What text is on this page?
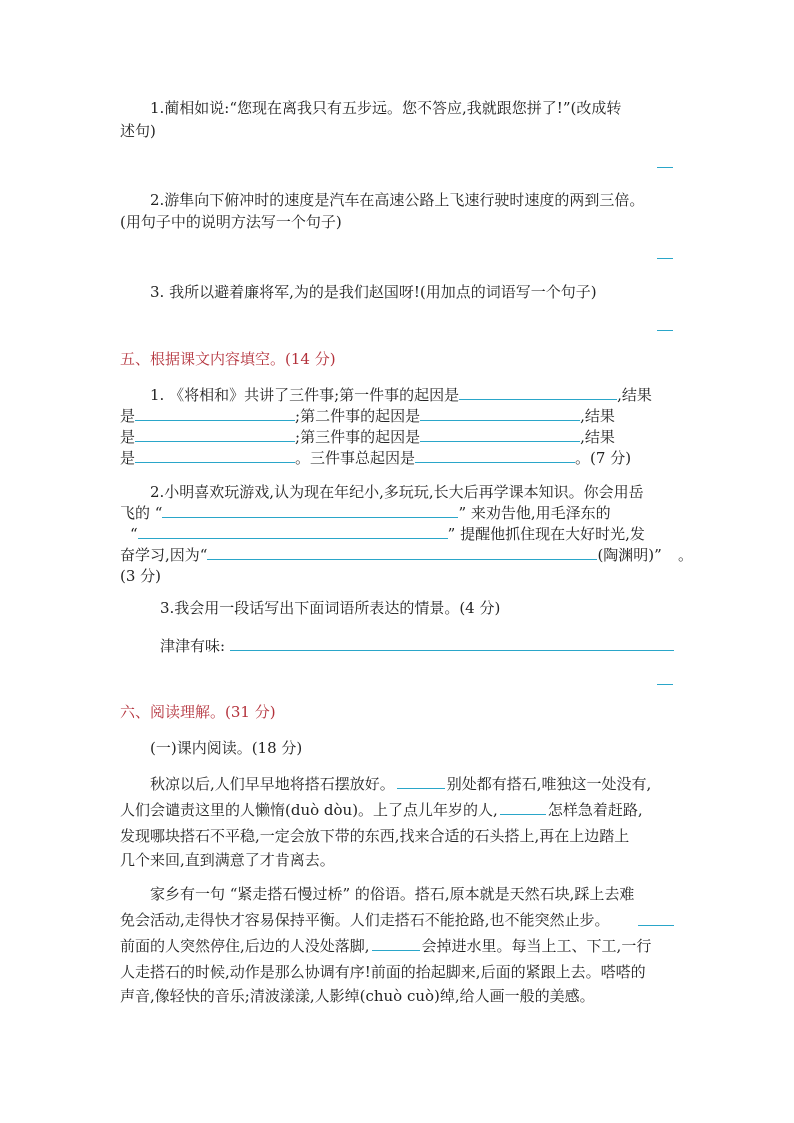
1.蔺相如说:“您现在离我只有五步远。您不答应,我就跟您拼了!”(改成转
述句)
2.游隼向下俯冲时的速度是汽车在高速公路上飞速行驶时速度的两到三倍。
(用句子中的说明方法写一个句子)
3. 我所以避着廉将军,为的是我们赵国呀!(用加点的词语写一个句子)
五、根据课文内容填空。(14 分)
1. 《将相和》共讲了三件事;第一件事的起因是	,结果
是	;第二件事的起因是	,结果
是	;第三件事的起因是	,结果
是	。三件事总起因是	。(7 分)
2.小明喜欢玩游戏,认为现在年纪小,多玩玩,长大后再学课本知识。你会用岳
飞的 “	” 来劝告他,用毛泽东的
“	” 提醒他抓住现在大好时光,发
奋学习,因为“	(陶渊明)” 。
(3 分)
3.我会用一段话写出下面词语所表达的情景。(4 分)
津津有味:
六、阅读理解。(31 分)
(一)课内阅读。(18 分)
秋凉以后,人们早早地将搭石摆放好。	别处都有搭石,唯独这一处没有,
人们会谴责这里的人懒惰(duò dòu)。上了点儿年岁的人,	怎样急着赶路,
发现哪块搭石不平稳,一定会放下带的东西,找来合适的石头搭上,再在上边踏上
几个来回,直到满意了才肯离去。
家乡有一句 “紧走搭石慢过桥” 的俗语。搭石,原本就是天然石块,踩上去难
免会活动,走得快才容易保持平衡。人们走搭石不能抢路,也不能突然止步。
前面的人突然停住,后边的人没处落脚,	会掉进水里。每当上工、下工,一行
人走搭石的时候,动作是那么协调有序!前面的抬起脚来,后面的紧跟上去。嗒嗒的
声音,像轻快的音乐;清波漾漾,人影绰(chuò cuò)绰,给人画一般的美感。
